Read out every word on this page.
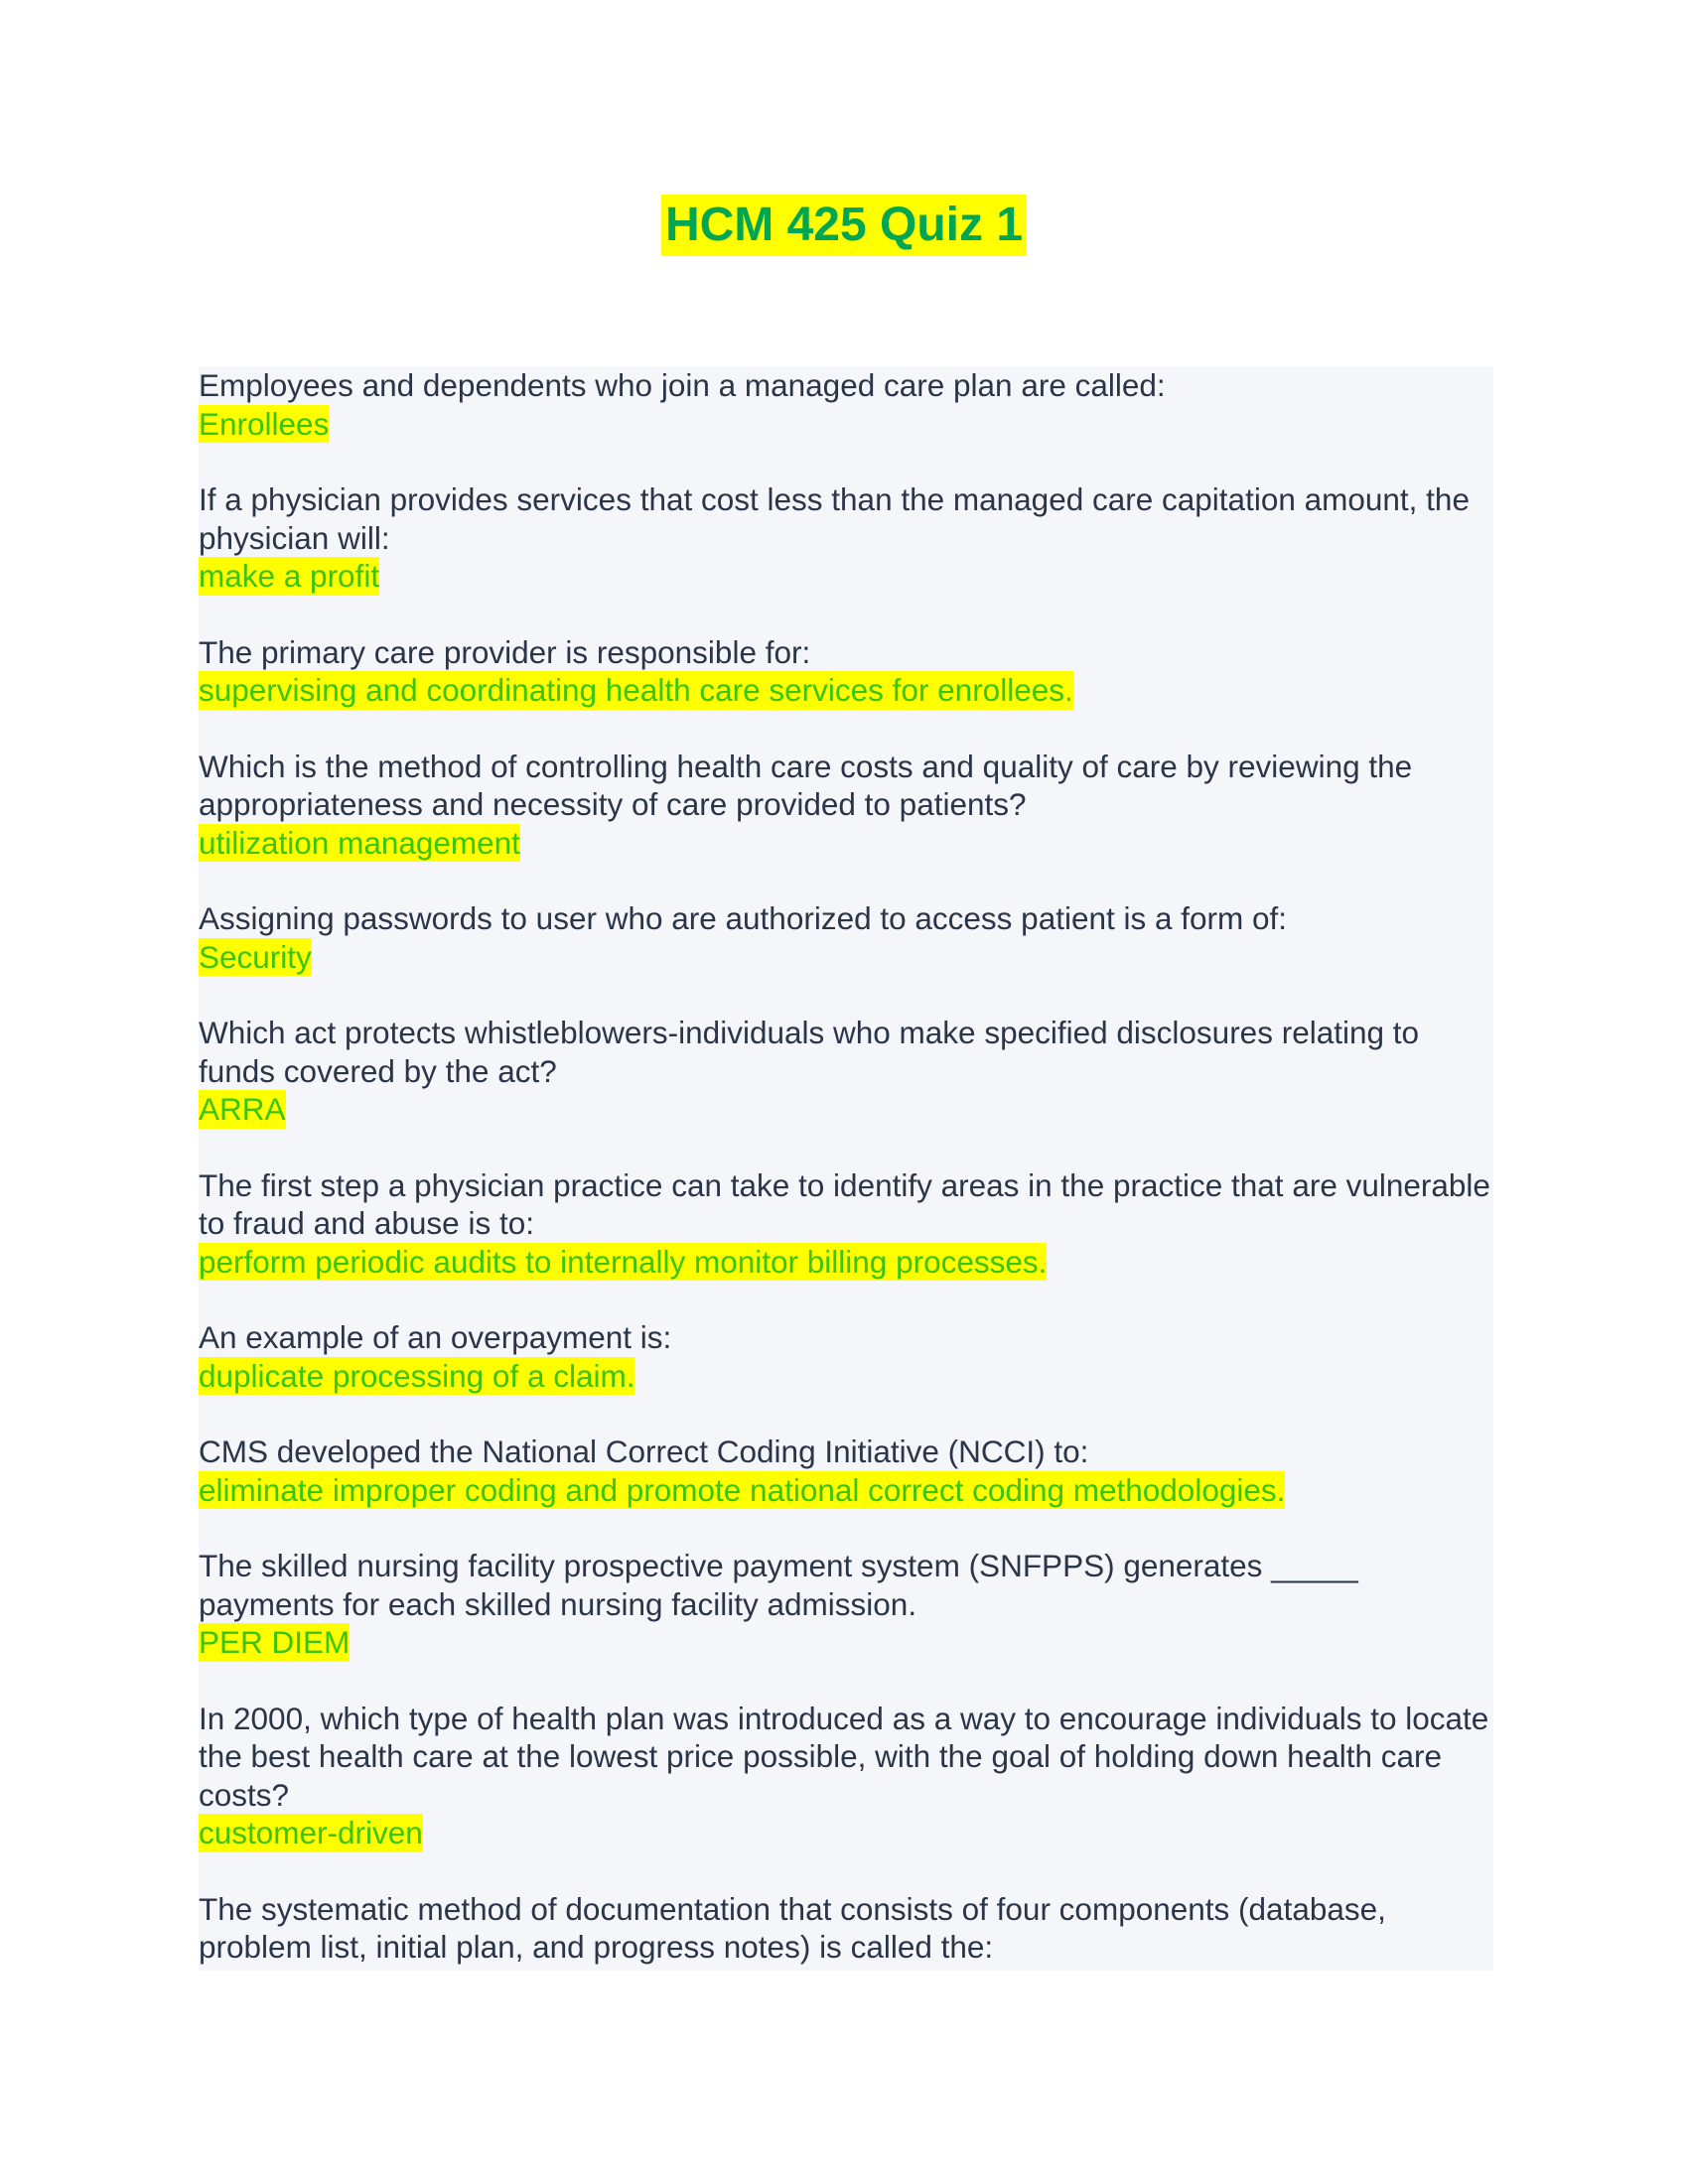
HCM 425 Quiz 1

Employees and dependents who join a managed care plan are called:

Enrollees

If a physician provides services that cost less than the managed care capitation amount, the physician will:

make a profit

The primary care provider is responsible for:

supervising and coordinating health care services for enrollees.

Which is the method of controlling health care costs and quality of care by reviewing the appropriateness and necessity of care provided to patients?

utilization management

Assigning passwords to user who are authorized to access patient is a form of:

Security

Which act protects whistleblowers-individuals who make specified disclosures relating to funds covered by the act?

ARRA

The first step a physician practice can take to identify areas in the practice that are vulnerable to fraud and abuse is to:

perform periodic audits to internally monitor billing processes.

An example of an overpayment is:

duplicate processing of a claim.

CMS developed the National Correct Coding Initiative (NCCI) to:

eliminate improper coding and promote national correct coding methodologies.

The skilled nursing facility prospective payment system (SNFPPS) generates _____ payments for each skilled nursing facility admission.

PER DIEM

In 2000, which type of health plan was introduced as a way to encourage individuals to locate the best health care at the lowest price possible, with the goal of holding down health care costs?

customer-driven

The systematic method of documentation that consists of four components (database, problem list, initial plan, and progress notes) is called the:
